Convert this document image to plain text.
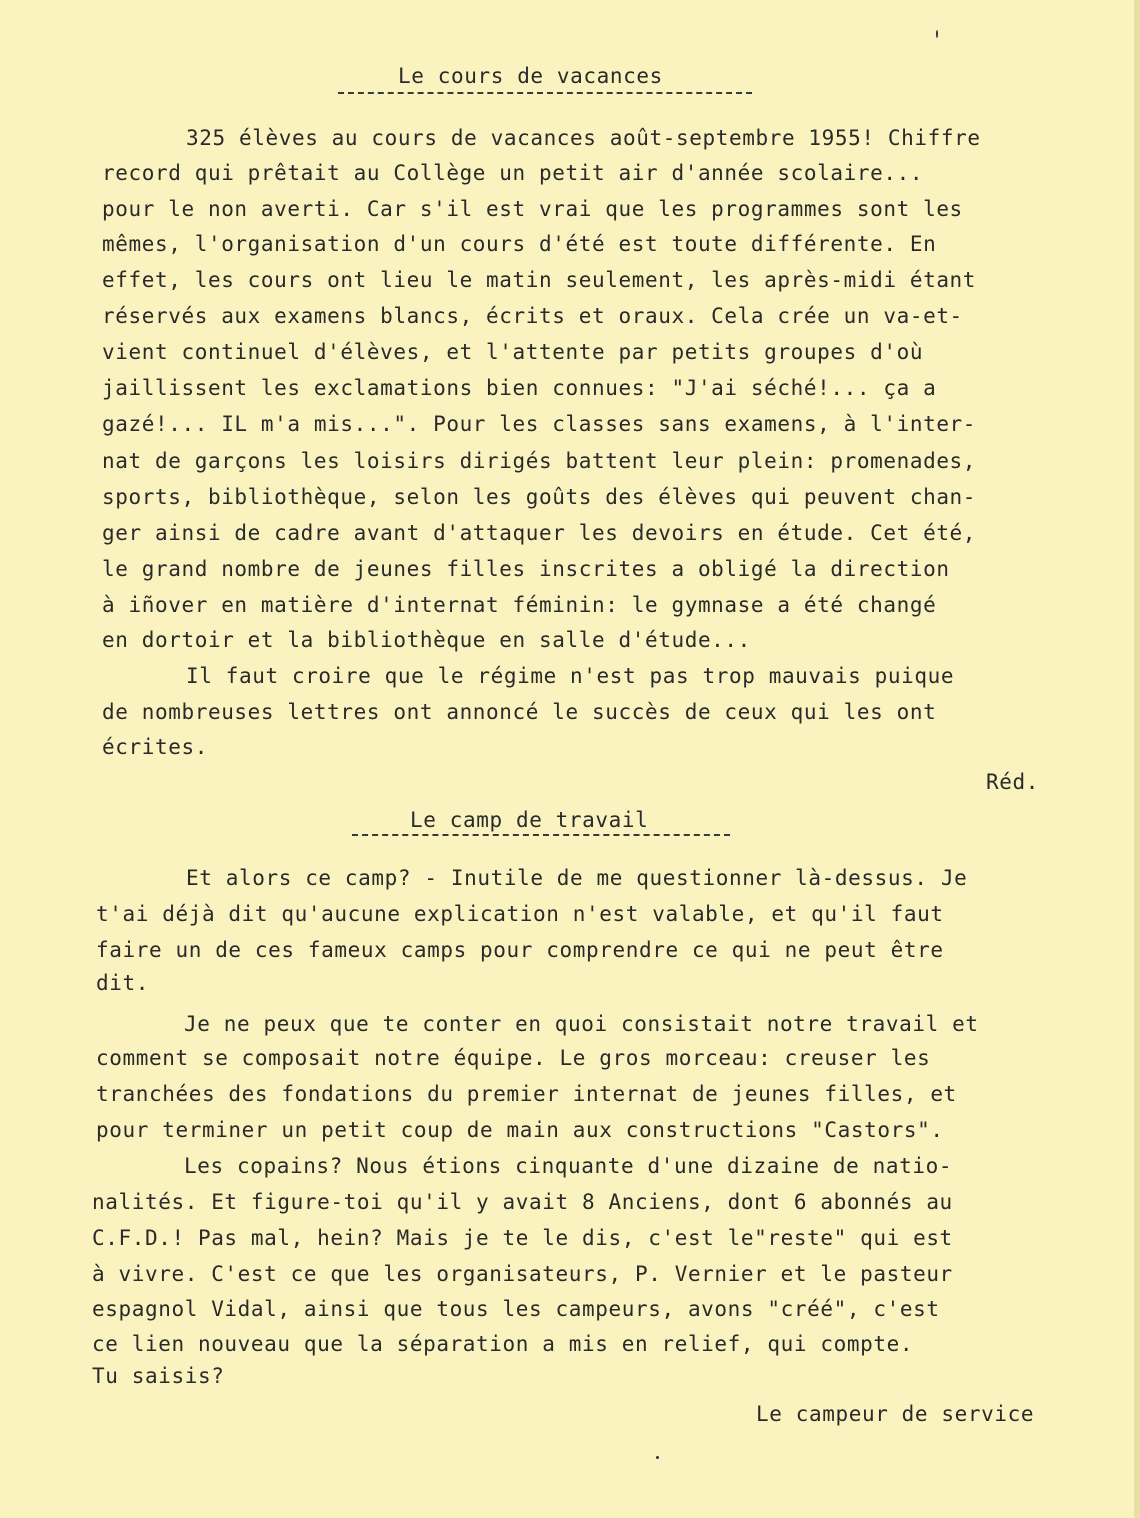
Le cours de vacances
325 élèves au cours de vacances août-septembre 1955! Chiffre
record qui prêtait au Collège un petit air d'année scolaire...
pour le non averti. Car s'il est vrai que les programmes sont les
mêmes, l'organisation d'un cours d'été est toute différente. En
effet, les cours ont lieu le matin seulement, les après-midi étant
réservés aux examens blancs, écrits et oraux. Cela crée un va-et-
vient continuel d'élèves, et l'attente par petits groupes d'où
jaillissent les exclamations bien connues: "J'ai séché!... ça a
gazé!... IL m'a mis...". Pour les classes sans examens, à l'inter-
nat de garçons les loisirs dirigés battent leur plein: promenades,
sports, bibliothèque, selon les goûts des élèves qui peuvent chan-
ger ainsi de cadre avant d'attaquer les devoirs en étude. Cet été,
le grand nombre de jeunes filles inscrites a obligé la direction
à iñover en matière d'internat féminin: le gymnase a été changé
en dortoir et la bibliothèque en salle d'étude...
Il faut croire que le régime n'est pas trop mauvais puique
de nombreuses lettres ont annoncé le succès de ceux qui les ont
écrites.
Réd.
Le camp de travail
Et alors ce camp? - Inutile de me questionner là-dessus. Je
t'ai déjà dit qu'aucune explication n'est valable, et qu'il faut
faire un de ces fameux camps pour comprendre ce qui ne peut être
dit.
Je ne peux que te conter en quoi consistait notre travail et
comment se composait notre équipe. Le gros morceau: creuser les
tranchées des fondations du premier internat de jeunes filles, et
pour terminer un petit coup de main aux constructions "Castors".
Les copains? Nous étions cinquante d'une dizaine de natio-
nalités. Et figure-toi qu'il y avait 8 Anciens, dont 6 abonnés au
C.F.D.! Pas mal, hein? Mais je te le dis, c'est le"reste" qui est
à vivre. C'est ce que les organisateurs, P. Vernier et le pasteur
espagnol Vidal, ainsi que tous les campeurs, avons "créé", c'est
ce lien nouveau que la séparation a mis en relief, qui compte.
Tu saisis?
Le campeur de service
